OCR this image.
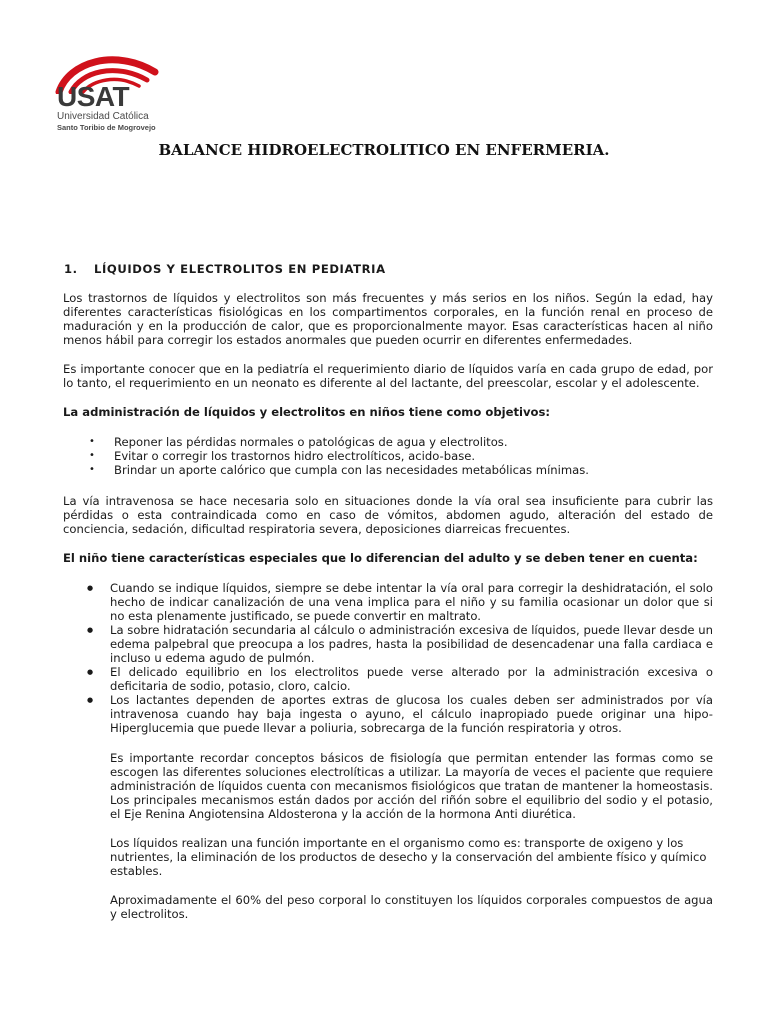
USAT
Universidad Católica
Santo Toribio de Mogrovejo
BALANCE HIDROELECTROLITICO EN ENFERMERIA.
1. LÍQUIDOS Y ELECTROLITOS EN PEDIATRIA

Los trastornos de líquidos y electrolitos son más frecuentes y más serios en los niños. Según la edad, hay diferentes características fisiológicas en los compartimentos corporales, en la función renal en proceso de maduración y en la producción de calor, que es proporcionalmente mayor. Esas características hacen al niño menos hábil para corregir los estados anormales que pueden ocurrir en diferentes enfermedades.

Es importante conocer que en la pediatría el requerimiento diario de líquidos varía en cada grupo de edad, por lo tanto, el requerimiento en un neonato es diferente al del lactante, del preescolar, escolar y el adolescente.

La administración de líquidos y electrolitos en niños tiene como objetivos:

• Reponer las pérdidas normales o patológicas de agua y electrolitos.
• Evitar o corregir los trastornos hidro electrolíticos, acido-base.
• Brindar un aporte calórico que cumpla con las necesidades metabólicas mínimas.

La vía intravenosa se hace necesaria solo en situaciones donde la vía oral sea insuficiente para cubrir las pérdidas o esta contraindicada como en caso de vómitos, abdomen agudo, alteración del estado de conciencia, sedación, dificultad respiratoria severa, deposiciones diarreicas frecuentes.

El niño tiene características especiales que lo diferencian del adulto y se deben tener en cuenta:

● Cuando se indique líquidos, siempre se debe intentar la vía oral para corregir la deshidratación, el solo hecho de indicar canalización de una vena implica para el niño y su familia ocasionar un dolor que si no esta plenamente justificado, se puede convertir en maltrato.
● La sobre hidratación secundaria al cálculo o administración excesiva de líquidos, puede llevar desde un edema palpebral que preocupa a los padres, hasta la posibilidad de desencadenar una falla cardiaca e incluso u edema agudo de pulmón.
● El delicado equilibrio en los electrolitos puede verse alterado por la administración excesiva o deficitaria de sodio, potasio, cloro, calcio.
● Los lactantes dependen de aportes extras de glucosa los cuales deben ser administrados por vía intravenosa cuando hay baja ingesta o ayuno, el cálculo inapropiado puede originar una hipo-Hiperglucemia que puede llevar a poliuria, sobrecarga de la función respiratoria y otros.

Es importante recordar conceptos básicos de fisiología que permitan entender las formas como se escogen las diferentes soluciones electrolíticas a utilizar. La mayoría de veces el paciente que requiere administración de líquidos cuenta con mecanismos fisiológicos que tratan de mantener la homeostasis. Los principales mecanismos están dados por acción del riñón sobre el equilibrio del sodio y el potasio, el Eje Renina Angiotensina Aldosterona y la acción de la hormona Anti diurética.

Los líquidos realizan una función importante en el organismo como es: transporte de oxigeno y los nutrientes, la eliminación de los productos de desecho y la conservación del ambiente físico y químico estables.

Aproximadamente el 60% del peso corporal lo constituyen los líquidos corporales compuestos de agua y electrolitos.
